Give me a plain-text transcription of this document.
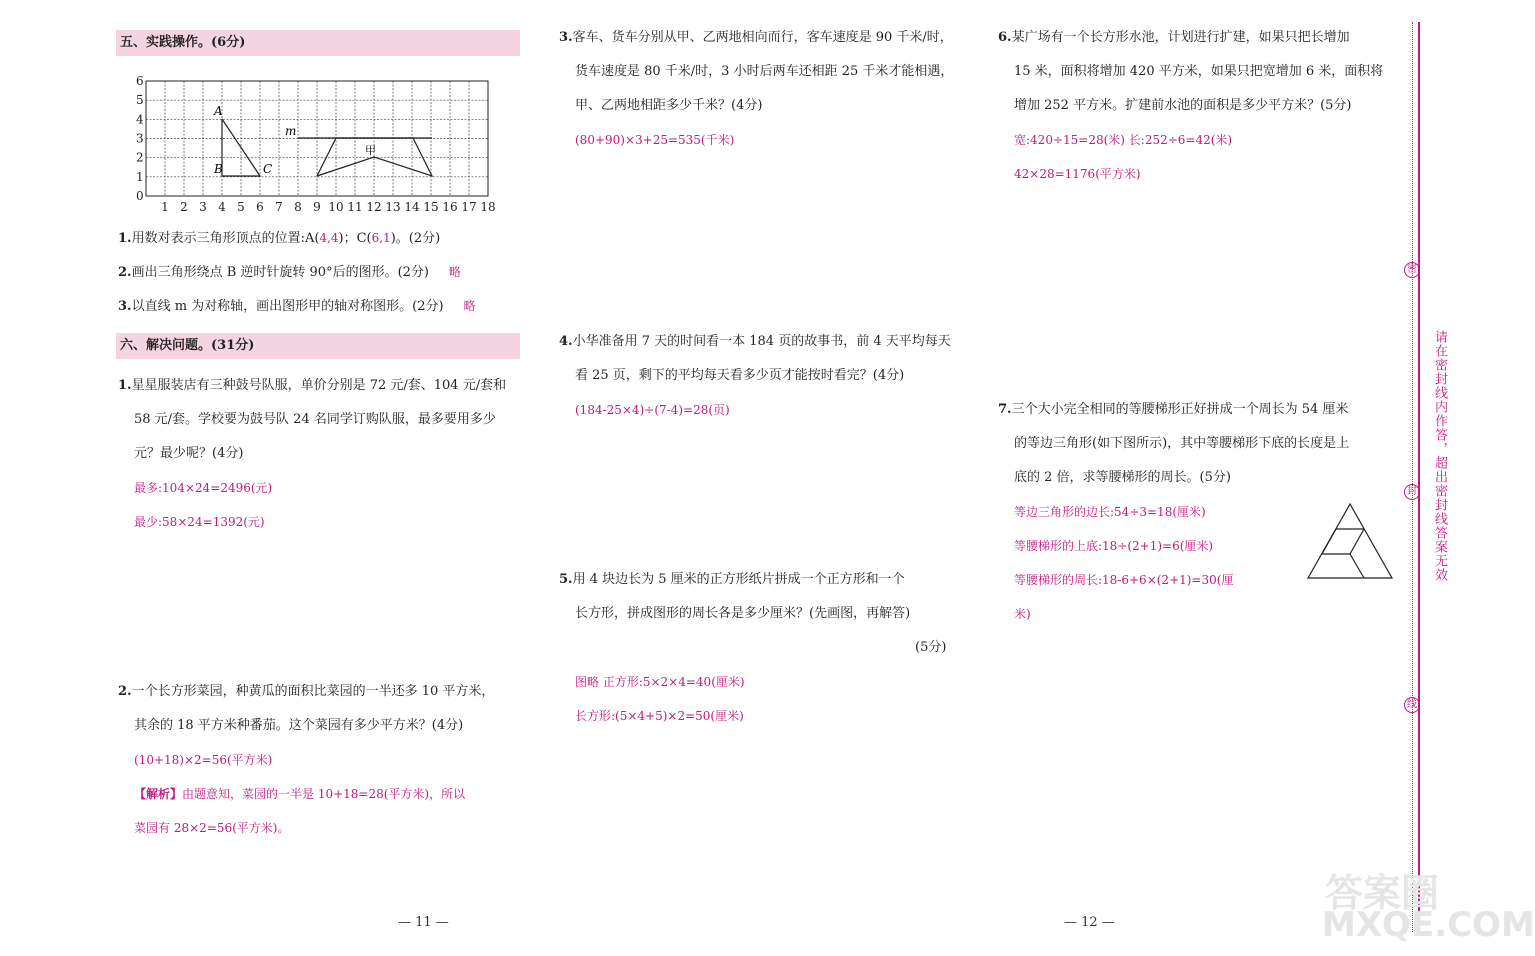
五、实践操作。(6分)
0
1
2
3
4
5
6
1 2 3 4 5 6 7 8 9 10 11 12 13 14 15 16 17 18
A
B	C
m
甲
1.用数对表示三角形顶点的位置:A(4,4)；C(6,1)。(2分)
2.画出三角形绕点 B 逆时针旋转 90°后的图形。(2分) 略
3.以直线 m 为对称轴，画出图形甲的轴对称图形。(2分) 略
六、解决问题。(31分)
1.星星服装店有三种鼓号队服，单价分别是 72 元/套、104 元/套和
58 元/套。学校要为鼓号队 24 名同学订购队服，最多要用多少
元？最少呢？(4分)
最多:104×24=2496(元)
最少:58×24=1392(元)
2.一个长方形菜园，种黄瓜的面积比菜园的一半还多 10 平方米，
其余的 18 平方米种番茄。这个菜园有多少平方米？(4分)
(10+18)×2=56(平方米)
【解析】由题意知，菜园的一半是 10+18=28(平方米)，所以
菜园有 28×2=56(平方米)。
— 11 —
3.客车、货车分别从甲、乙两地相向而行，客车速度是 90 千米/时，
货车速度是 80 千米/时，3 小时后两车还相距 25 千米才能相遇，
甲、乙两地相距多少千米？(4分)
(80+90)×3+25=535(千米)
4.小华准备用 7 天的时间看一本 184 页的故事书，前 4 天平均每天
看 25 页，剩下的平均每天看多少页才能按时看完？(4分)
(184-25×4)÷(7-4)=28(页)
5.用 4 块边长为 5 厘米的正方形纸片拼成一个正方形和一个
长方形，拼成图形的周长各是多少厘米？(先画图，再解答)
(5分)
图略 正方形:5×2×4=40(厘米)
长方形:(5×4+5)×2=50(厘米)
— 12 —
6.某广场有一个长方形水池，计划进行扩建，如果只把长增加
15 米，面积将增加 420 平方米，如果只把宽增加 6 米，面积将
增加 252 平方米。扩建前水池的面积是多少平方米？(5分)
宽:420÷15=28(米) 长:252÷6=42(米)
42×28=1176(平方米)
7.三个大小完全相同的等腰梯形正好拼成一个周长为 54 厘米
的等边三角形(如下图所示)，其中等腰梯形下底的长度是上
底的 2 倍，求等腰梯形的周长。(5分)
等边三角形的边长:54÷3=18(厘米)
等腰梯形的上底:18÷(2+1)=6(厘米)
等腰梯形的周长:18-6+6×(2+1)=30(厘
米)
密
封
线
请在密封线内作答，超出密封线答案无效
答案圈
MXQE.COM
